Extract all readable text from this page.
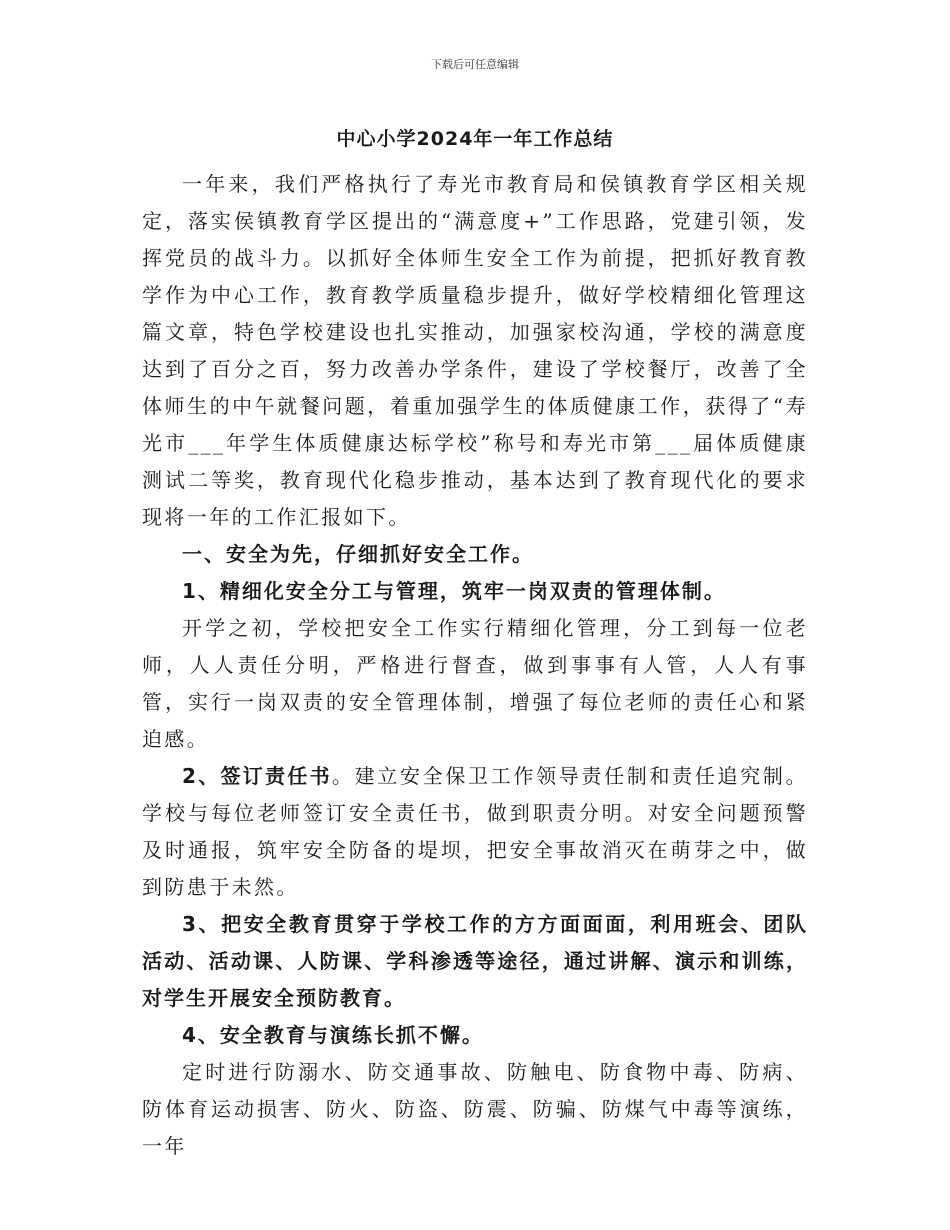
下载后可任意编辑
中心小学2024年一年工作总结

一年来，我们严格执行了寿光市教育局和侯镇教育学区相关规定，落实侯镇教育学区提出的“满意度+”工作思路，党建引领，发挥党员的战斗力。以抓好全体师生安全工作为前提，把抓好教育教学作为中心工作，教育教学质量稳步提升，做好学校精细化管理这篇文章，特色学校建设也扎实推动，加强家校沟通，学校的满意度达到了百分之百，努力改善办学条件，建设了学校餐厅，改善了全体师生的中午就餐问题，着重加强学生的体质健康工作，获得了“寿光市___年学生体质健康达标学校”称号和寿光市第___届体质健康测试二等奖，教育现代化稳步推动，基本达到了教育现代化的要求现将一年的工作汇报如下。

一、安全为先，仔细抓好安全工作。

1、精细化安全分工与管理，筑牢一岗双责的管理体制。

开学之初，学校把安全工作实行精细化管理，分工到每一位老师，人人责任分明，严格进行督查，做到事事有人管，人人有事管，实行一岗双责的安全管理体制，增强了每位老师的责任心和紧迫感。

2、签订责任书。建立安全保卫工作领导责任制和责任追究制。学校与每位老师签订安全责任书，做到职责分明。对安全问题预警及时通报，筑牢安全防备的堤坝，把安全事故消灭在萌芽之中，做到防患于未然。

3、把安全教育贯穿于学校工作的方方面面面，利用班会、团队活动、活动课、人防课、学科渗透等途径，通过讲解、演示和训练，对学生开展安全预防教育。

4、安全教育与演练长抓不懈。

定时进行防溺水、防交通事故、防触电、防食物中毒、防病、防体育运动损害、防火、防盗、防震、防骗、防煤气中毒等演练，一年
